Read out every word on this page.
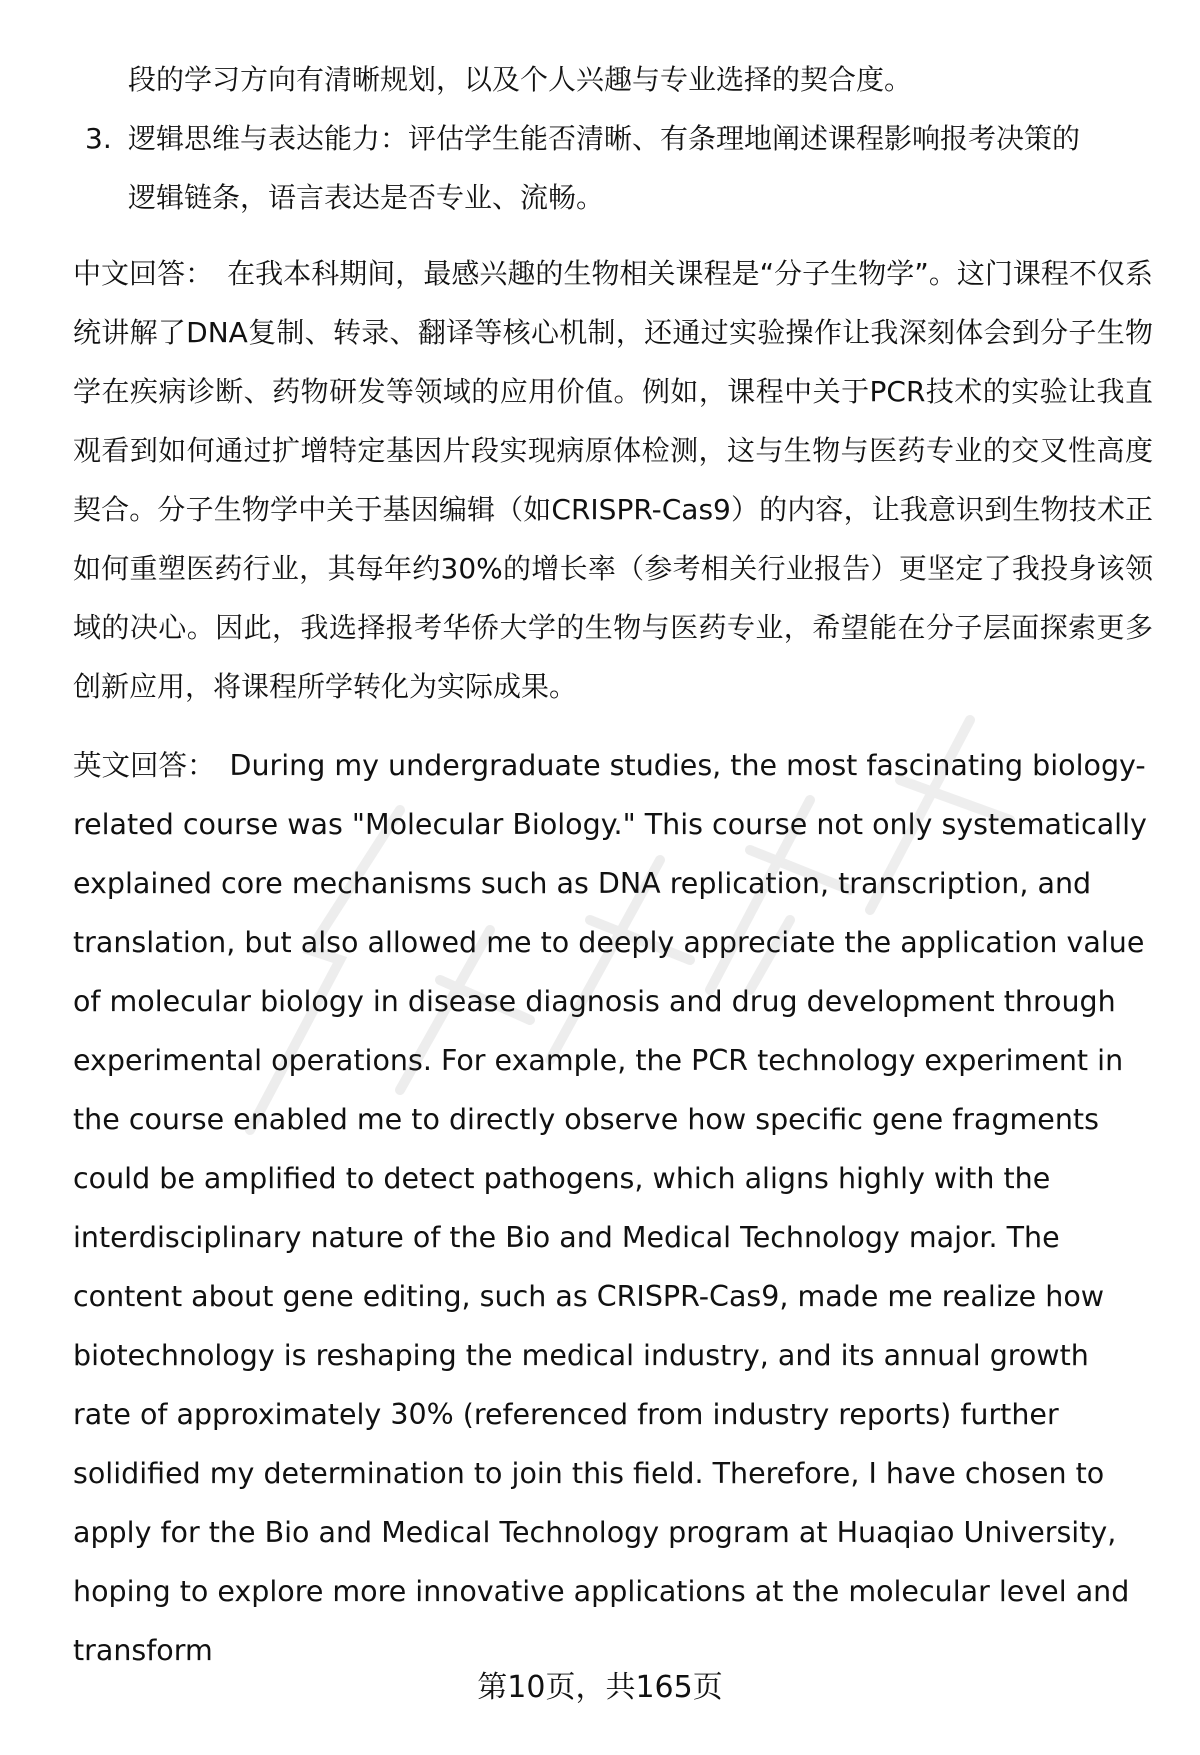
段的学习方向有清晰规划，以及个人兴趣与专业选择的契合度。
3. 逻辑思维与表达能力：评估学生能否清晰、有条理地阐述课程影响报考决策的
逻辑链条，语言表达是否专业、流畅。
中文回答： 在我本科期间，最感兴趣的生物相关课程是“分子生物学”。这门课程不仅系统讲解了DNA复制、转录、翻译等核心机制，还通过实验操作让我深刻体会到分子生物学在疾病诊断、药物研发等领域的应用价值。例如，课程中关于PCR技术的实验让我直观看到如何通过扩增特定基因片段实现病原体检测，这与生物与医药专业的交叉性高度契合。分子生物学中关于基因编辑（如CRISPR-Cas9）的内容，让我意识到生物技术正如何重塑医药行业，其每年约30%的增长率（参考相关行业报告）更坚定了我投身该领域的决心。因此，我选择报考华侨大学的生物与医药专业，希望能在分子层面探索更多创新应用，将课程所学转化为实际成果。
英文回答： During my undergraduate studies, the most fascinating biology-related course was "Molecular Biology." This course not only systematically explained core mechanisms such as DNA replication, transcription, and translation, but also allowed me to deeply appreciate the application value of molecular biology in disease diagnosis and drug development through experimental operations. For example, the PCR technology experiment in the course enabled me to directly observe how specific gene fragments could be amplified to detect pathogens, which aligns highly with the interdisciplinary nature of the Bio and Medical Technology major. The content about gene editing, such as CRISPR-Cas9, made me realize how biotechnology is reshaping the medical industry, and its annual growth rate of approximately 30% (referenced from industry reports) further solidified my determination to join this field. Therefore, I have chosen to apply for the Bio and Medical Technology program at Huaqiao University, hoping to explore more innovative applications at the molecular level and transform
第10页，共165页
